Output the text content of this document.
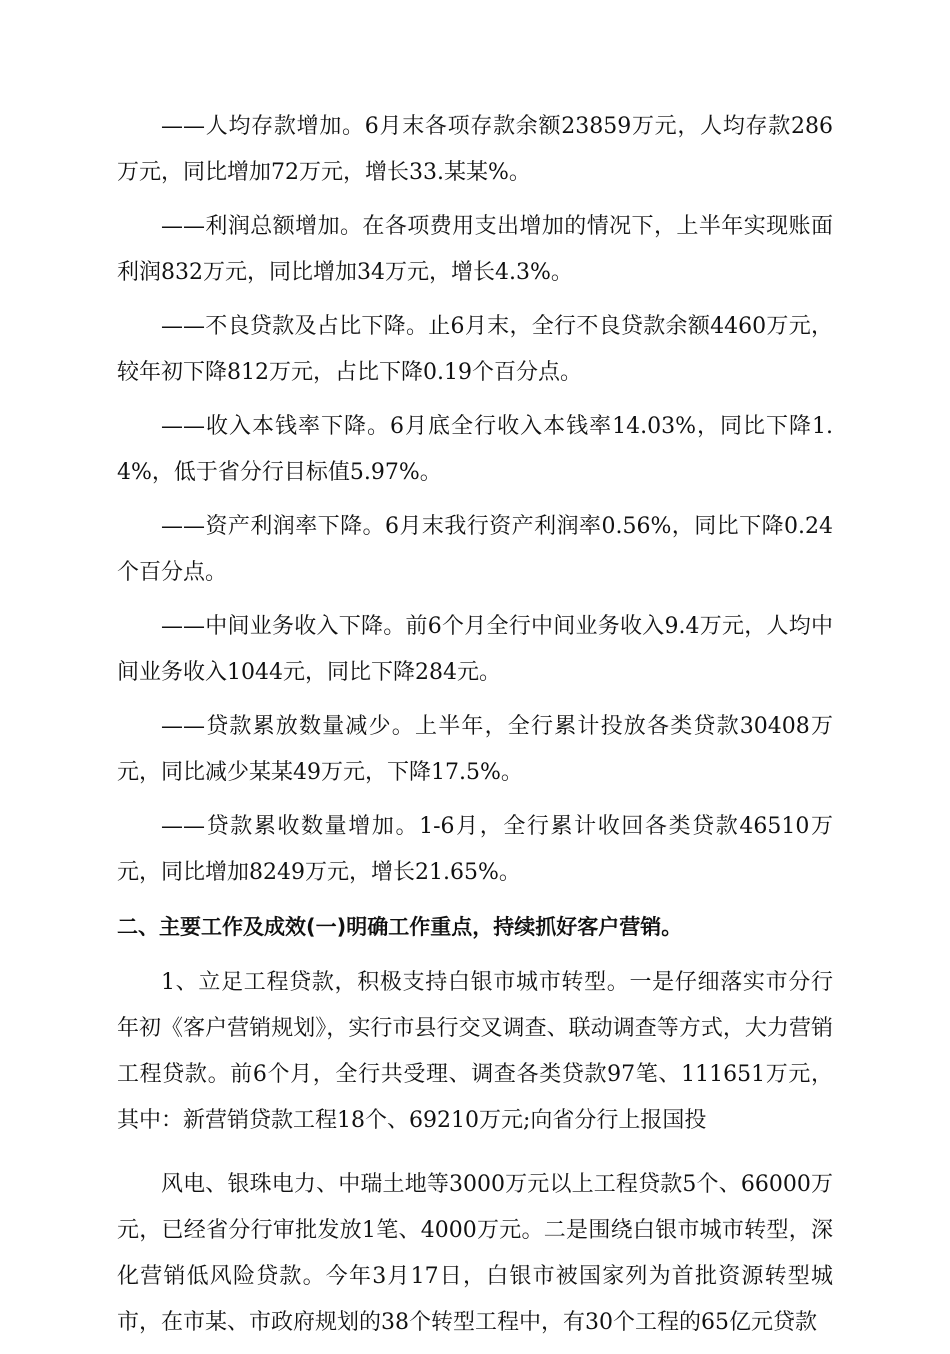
——人均存款增加。6月末各项存款余额23859万元，人均存款286万元，同比增加72万元，增长33.某某%。

——利润总额增加。在各项费用支出增加的情况下，上半年实现账面利润832万元，同比增加34万元，增长4.3%。

——不良贷款及占比下降。止6月末，全行不良贷款余额4460万元，较年初下降812万元，占比下降0.19个百分点。

——收入本钱率下降。6月底全行收入本钱率14.03%，同比下降1.4%，低于省分行目标值5.97%。

——资产利润率下降。6月末我行资产利润率0.56%，同比下降0.24个百分点。

——中间业务收入下降。前6个月全行中间业务收入9.4万元，人均中间业务收入1044元，同比下降284元。

——贷款累放数量减少。上半年，全行累计投放各类贷款30408万元，同比减少某某49万元，下降17.5%。

——贷款累收数量增加。1-6月，全行累计收回各类贷款46510万元，同比增加8249万元，增长21.65%。

二、主要工作及成效(一)明确工作重点，持续抓好客户营销。

1、立足工程贷款，积极支持白银市城市转型。一是仔细落实市分行年初《客户营销规划》，实行市县行交叉调查、联动调查等方式，大力营销工程贷款。前6个月，全行共受理、调查各类贷款97笔、111651万元，其中：新营销贷款工程18个、69210万元;向省分行上报国投

风电、银珠电力、中瑞土地等3000万元以上工程贷款5个、66000万元，已经省分行审批发放1笔、4000万元。二是围绕白银市城市转型，深化营销低风险贷款。今年3月17日，白银市被国家列为首批资源转型城市，在市某、市政府规划的38个转型工程中，有30个工程的65亿元贷款
